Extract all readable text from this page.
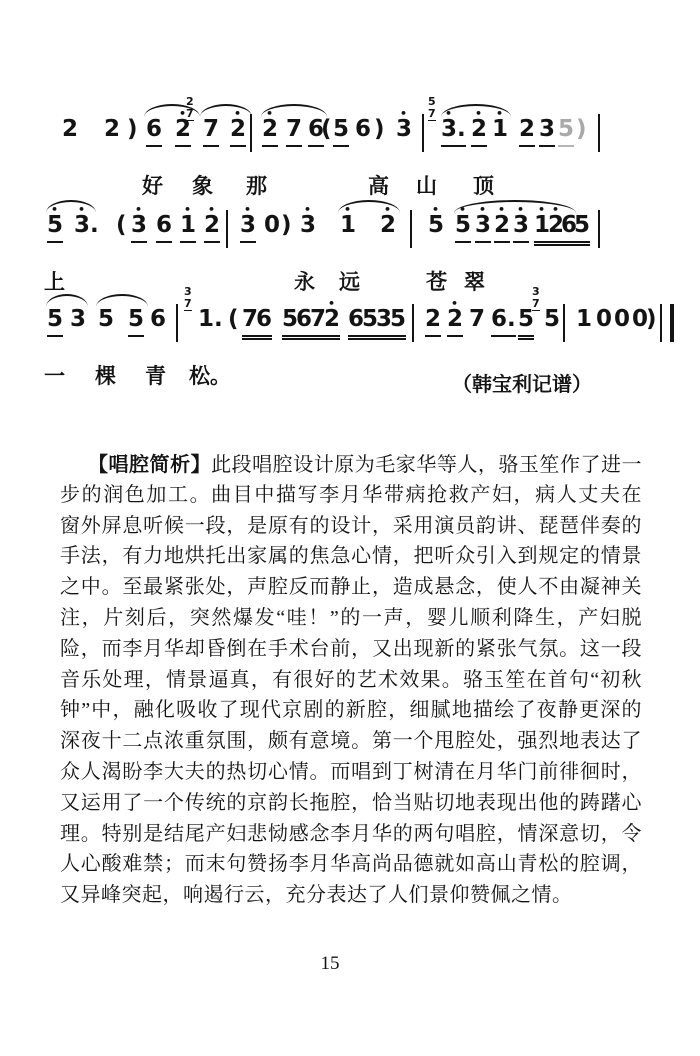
2 2 ) 6 • 2
2
7
7 • 2 • 2 7 6
( 5 6 ) • 3
5
7
• 3. • 2 • 1 2 3 5 )
好 象 那	高 山 顶
• 5 • 3. ( • 3 6 • 1 • 2 • 3 0 ) • 3 • 1 • 2 • 5 • 5 • 3 • 2 • 3 • 1
• 2
6
5
上	永 远	苍 翠
5 3 5 5 6
3
7
1. ( 7
6 5
6
7
• 2 6
5
3
5 2 • 2 7 6. 5
3
7
5 1 0 0 0
)
一 棵 青 松。	（韩宝利记谱）
【唱腔简析】此段唱腔设计原为毛家华等人，骆玉笙作了进一
步的润色加工。曲目中描写李月华带病抢救产妇，病人丈夫在
窗外屏息听候一段，是原有的设计，采用演员韵讲、琵琶伴奏的
手法，有力地烘托出家属的焦急心情，把听众引入到规定的情景
之中。至最紧张处，声腔反而静止，造成悬念，使人不由凝神关
注，片刻后，突然爆发“哇！”的一声，婴儿顺利降生，产妇脱
险，而李月华却昏倒在手术台前，又出现新的紧张气氛。这一段
音乐处理，情景逼真，有很好的艺术效果。骆玉笙在首句“初秋
钟”中，融化吸收了现代京剧的新腔，细腻地描绘了夜静更深的
深夜十二点浓重氛围，颇有意境。第一个甩腔处，强烈地表达了
众人渴盼李大夫的热切心情。而唱到丁树清在月华门前徘徊时，
又运用了一个传统的京韵长拖腔，恰当贴切地表现出他的踌躇心
理。特别是结尾产妇悲恸感念李月华的两句唱腔，情深意切，令
人心酸难禁；而末句赞扬李月华高尚品德就如高山青松的腔调，
又异峰突起，响遏行云，充分表达了人们景仰赞佩之情。
15
